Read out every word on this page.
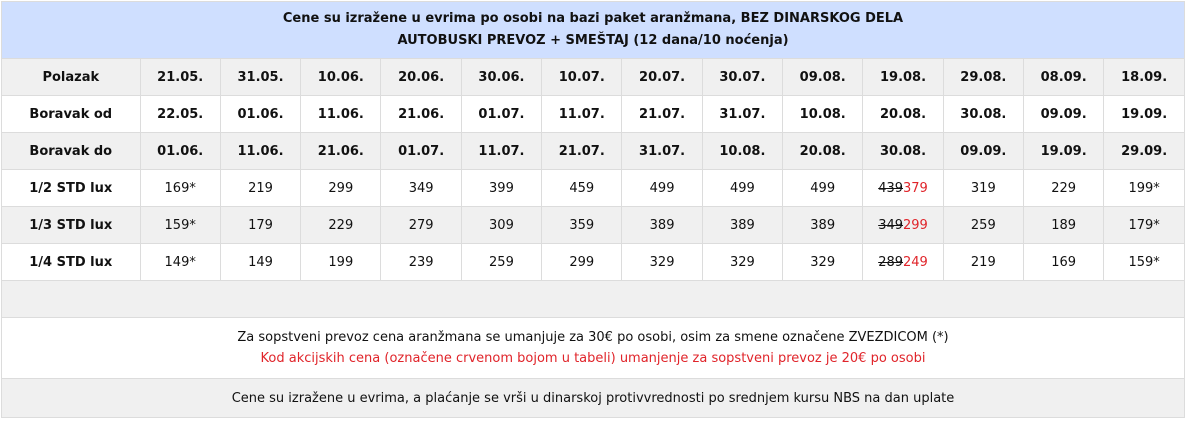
Cene su izražene u evrima po osobi na bazi paket aranžmana, BEZ DINARSKOG DELA
AUTOBUSKI PREVOZ + SMEŠTAJ (12 dana/10 noćenja)													

Polazak	21.05.	31.05.	10.06.	20.06.	30.06.	10.07.	20.07.	30.07.	09.08.	19.08.	29.08.	08.09.	18.09.
Boravak od	22.05.	01.06.	11.06.	21.06.	01.07.	11.07.	21.07.	31.07.	10.08.	20.08.	30.08.	09.09.	19.09.
Boravak do	01.06.	11.06.	21.06.	01.07.	11.07.	21.07.	31.07.	10.08.	20.08.	30.08.	09.09.	19.09.	29.09.
1/2 STD lux	169*	219	299	349	399	459	499	499	499	439379	319	229	199*
1/3 STD lux	159*	179	229	279	309	359	389	389	389	349299	259	189	179*
1/4 STD lux	149*	149	199	239	259	299	329	329	329	289249	219	169	159*

Za sopstveni prevoz cena aranžmana se umanjuje za 30€ po osobi, osim za smene označene ZVEZDICOM (*)
Kod akcijskih cena (označene crvenom bojom u tabeli) umanjenje za sopstveni prevoz je 20€ po osobi													

Cene su izražene u evrima, a plaćanje se vrši u dinarskoj protivvrednosti po srednjem kursu NBS na dan uplate													
